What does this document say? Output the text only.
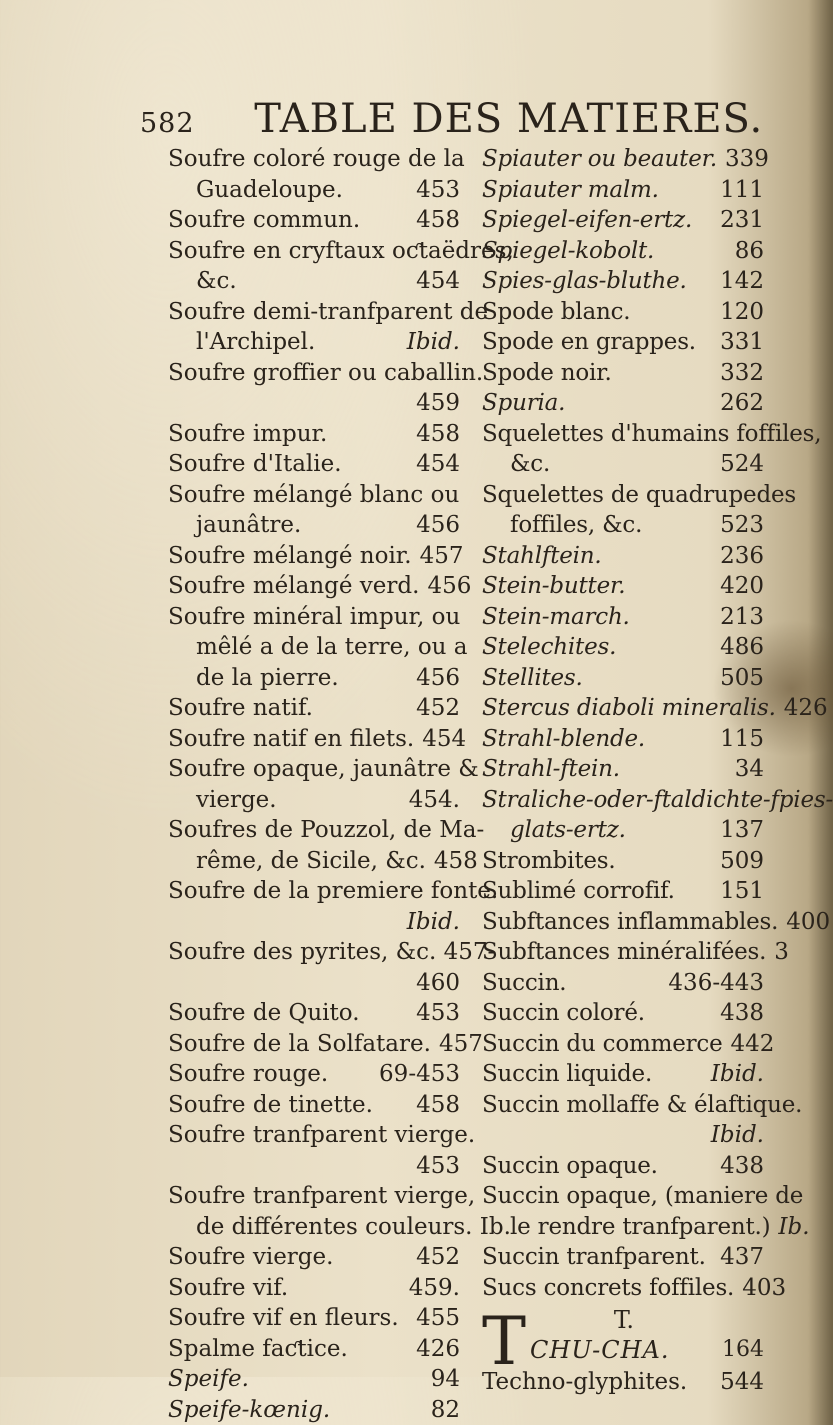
582 TABLE DES MATIERES.
Soufre coloré rouge de la
Guadeloupe.	453
Soufre commun. 458
Soufre en cryftaux oƈtaëdres,
&c.	454
Soufre demi-tranfparent de
l'Archipel.	Ibid.
Soufre groffier ou caballin.
459
Soufre impur.	458
Soufre d'Italie.	454
Soufre mélangé blanc ou
jaunâtre.	456
Soufre mélangé noir. 457
Soufre mélangé verd. 456
Soufre minéral impur, ou
mêlé a de la terre, ou a
de la pierre.	456
Soufre natif.	452
Soufre natif en filets. 454
Soufre opaque, jaunâtre &
vierge.	454.
Soufres de Pouzzol, de Ma-
rême, de Sicile, &c. 458
Soufre de la premiere fonte.
Ibid.
Soufre des pyrites, &c. 457-
460
Soufre de Quito. 453
Soufre de la Solfatare. 457
Soufre rouge. 69-453
Soufre de tinette. 458
Soufre tranfparent vierge.
453
Soufre tranfparent vierge,
de différentes couleurs. Ib.
Soufre vierge.	452
Soufre vif.	459.
Soufre vif en fleurs. 455
Spalme faƈtice.	426
Speife.	94
Speife-kœnig.	82
Spiauter ou beauter. 339
Spiauter malm.	111
Spiegel-eifen-ertz. 231
Spiegel-kobolt.	86
Spies-glas-bluthe. 142
Spode blanc.	120
Spode en grappes. 331
Spode noir.	332
Spuria.	262
Squelettes d'humains foffiles,
&c.	524
Squelettes de quadrupedes
foffiles, &c.	523
Stahlftein.	236
Stein-butter.	420
Stein-march.	213
Stelechites.	486
Stellites.	505
Stercus diaboli mineralis. 426
Strahl-blende.	115
Strahl-ftein.	34
Straliche-oder-ftaldichte-fpies-
glats-ertz.	137
Strombites.	509
Sublimé corrofif. 151
Subftances inflammables. 400
Subftances minéralifées. 3
Succin.	436-443
Succin coloré.	438
Succin du commerce 442
Succin liquide.	Ibid.
Succin mollaffe & élaftique.
Ibid.
Succin opaque.	438
Succin opaque, (maniere de
le rendre tranfparent.) Ib.
Succin tranfparent. 437
Sucs concrets foffiles. 403
T.
T CHU-CHA. 164
Techno-glyphites. 544
